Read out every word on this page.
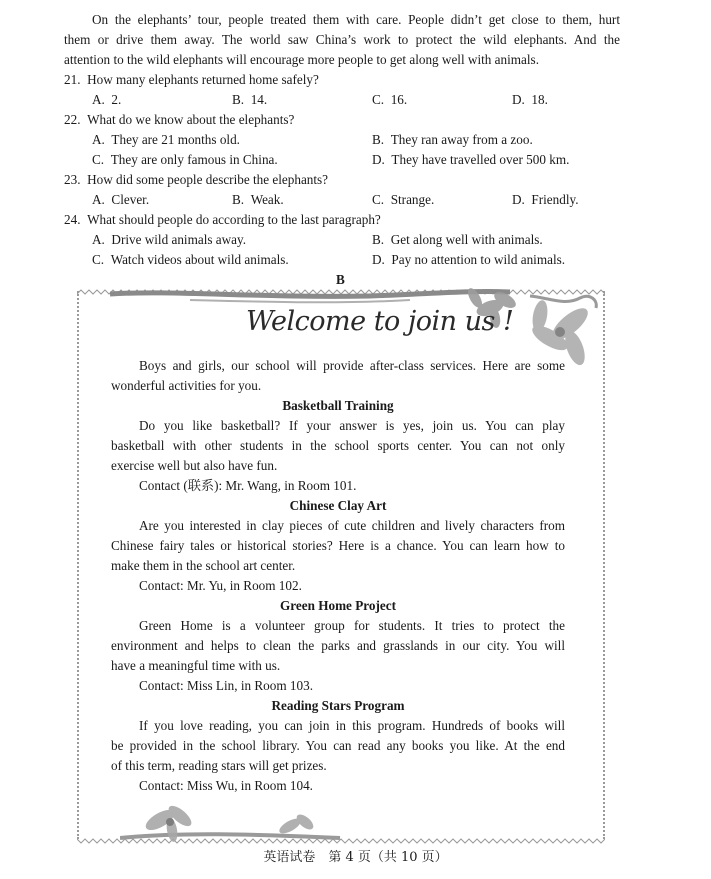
On the elephants’ tour, people treated them with care. People didn’t get close to them, hurt
them or drive them away. The world saw China’s work to protect the wild elephants. And the
attention to the wild elephants will encourage more people to get along well with animals.
21. How many elephants returned home safely?
A. 2.	B. 14.	C. 16.	D. 18.
22. What do we know about the elephants?
A. They are 21 months old.	B. They ran away from a zoo.
C. They are only famous in China.	D. They have travelled over 500 km.
23. How did some people describe the elephants?
A. Clever.	B. Weak.	C. Strange.	D. Friendly.
24. What should people do according to the last paragraph?
A. Drive wild animals away.	B. Get along well with animals.
C. Watch videos about wild animals.	D. Pay no attention to wild animals.
B
Welcome to join us !
Boys and girls, our school will provide after-class services. Here are some
wonderful activities for you.
Basketball Training
Do you like basketball? If your answer is yes, join us. You can play
basketball with other students in the school sports center. You can not only
exercise well but also have fun.
Contact (联系): Mr. Wang, in Room 101.
Chinese Clay Art
Are you interested in clay pieces of cute children and lively characters from
Chinese fairy tales or historical stories? Here is a chance. You can learn how to
make them in the school art center.
Contact: Mr. Yu, in Room 102.
Green Home Project
Green Home is a volunteer group for students. It tries to protect the
environment and helps to clean the parks and grasslands in our city. You will
have a meaningful time with us.
Contact: Miss Lin, in Room 103.
Reading Stars Program
If you love reading, you can join in this program. Hundreds of books will
be provided in the school library. You can read any books you like. At the end
of this term, reading stars will get prizes.
Contact: Miss Wu, in Room 104.
英语试卷　第 4 页（共 10 页）
